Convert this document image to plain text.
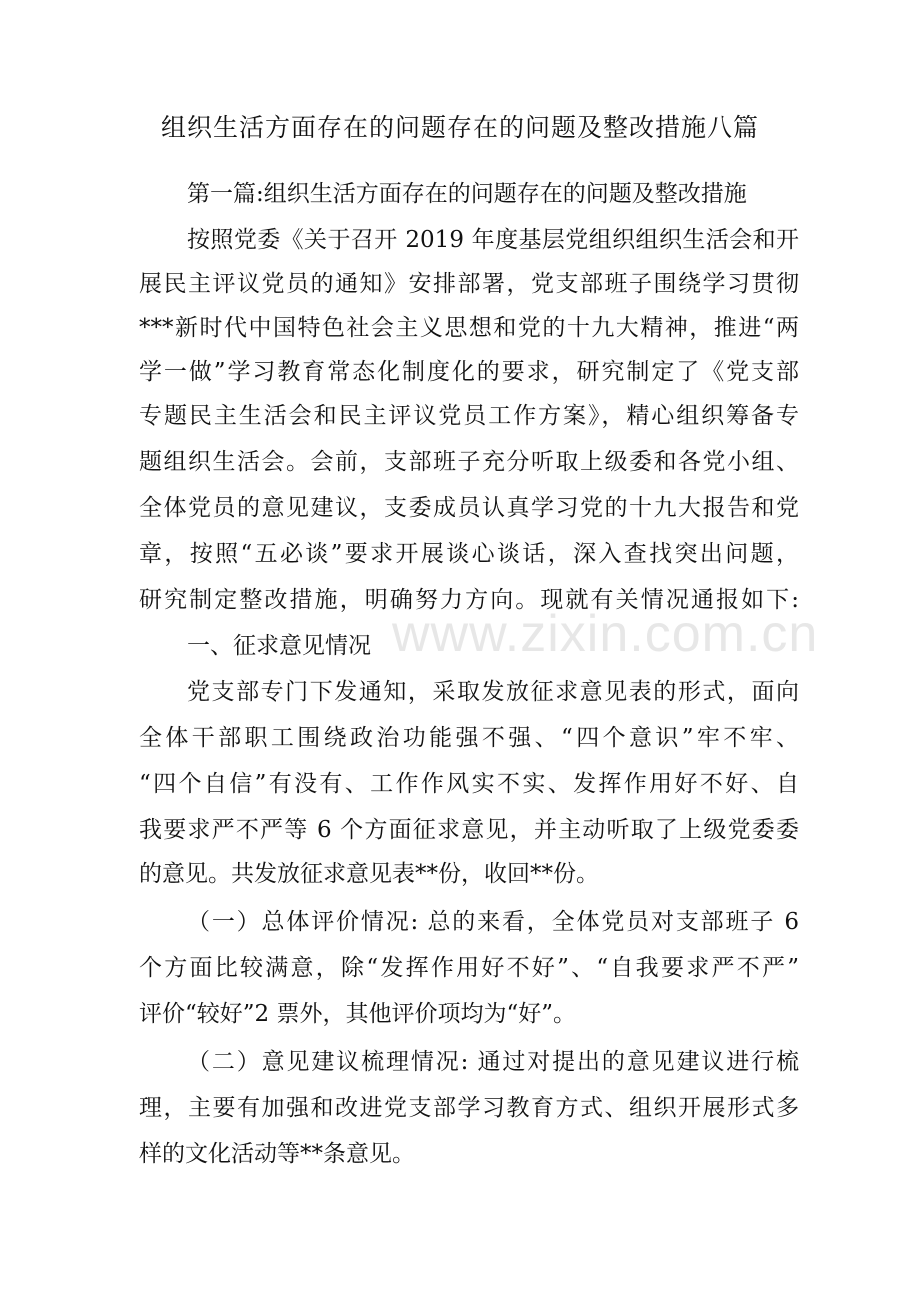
www.zixin.com.cn
组织生活方面存在的问题存在的问题及整改措施八篇
第一篇:组织生活方面存在的问题存在的问题及整改措施
按照党委《关于召开 2019 年度基层党组织组织生活会和开
展民主评议党员的通知》安排部署，党支部班子围绕学习贯彻
***新时代中国特色社会主义思想和党的十九大精神，推进“两
学一做”学习教育常态化制度化的要求，研究制定了《党支部
专题民主生活会和民主评议党员工作方案》，精心组织筹备专
题组织生活会。会前，支部班子充分听取上级委和各党小组、
全体党员的意见建议，支委成员认真学习党的十九大报告和党
章，按照“五必谈”要求开展谈心谈话，深入查找突出问题，
研究制定整改措施，明确努力方向。现就有关情况通报如下:
一、征求意见情况
党支部专门下发通知，采取发放征求意见表的形式，面向
全体干部职工围绕政治功能强不强、“四个意识”牢不牢、
“四个自信”有没有、工作作风实不实、发挥作用好不好、自
我要求严不严等 6 个方面征求意见，并主动听取了上级党委委
的意见。共发放征求意见表**份，收回**份。
（一）总体评价情况: 总的来看，全体党员对支部班子 6
个方面比较满意，除“发挥作用好不好”、“自我要求严不严”
评价“较好”2 票外，其他评价项均为“好”。
（二）意见建议梳理情况: 通过对提出的意见建议进行梳
理，主要有加强和改进党支部学习教育方式、组织开展形式多
样的文化活动等**条意见。
